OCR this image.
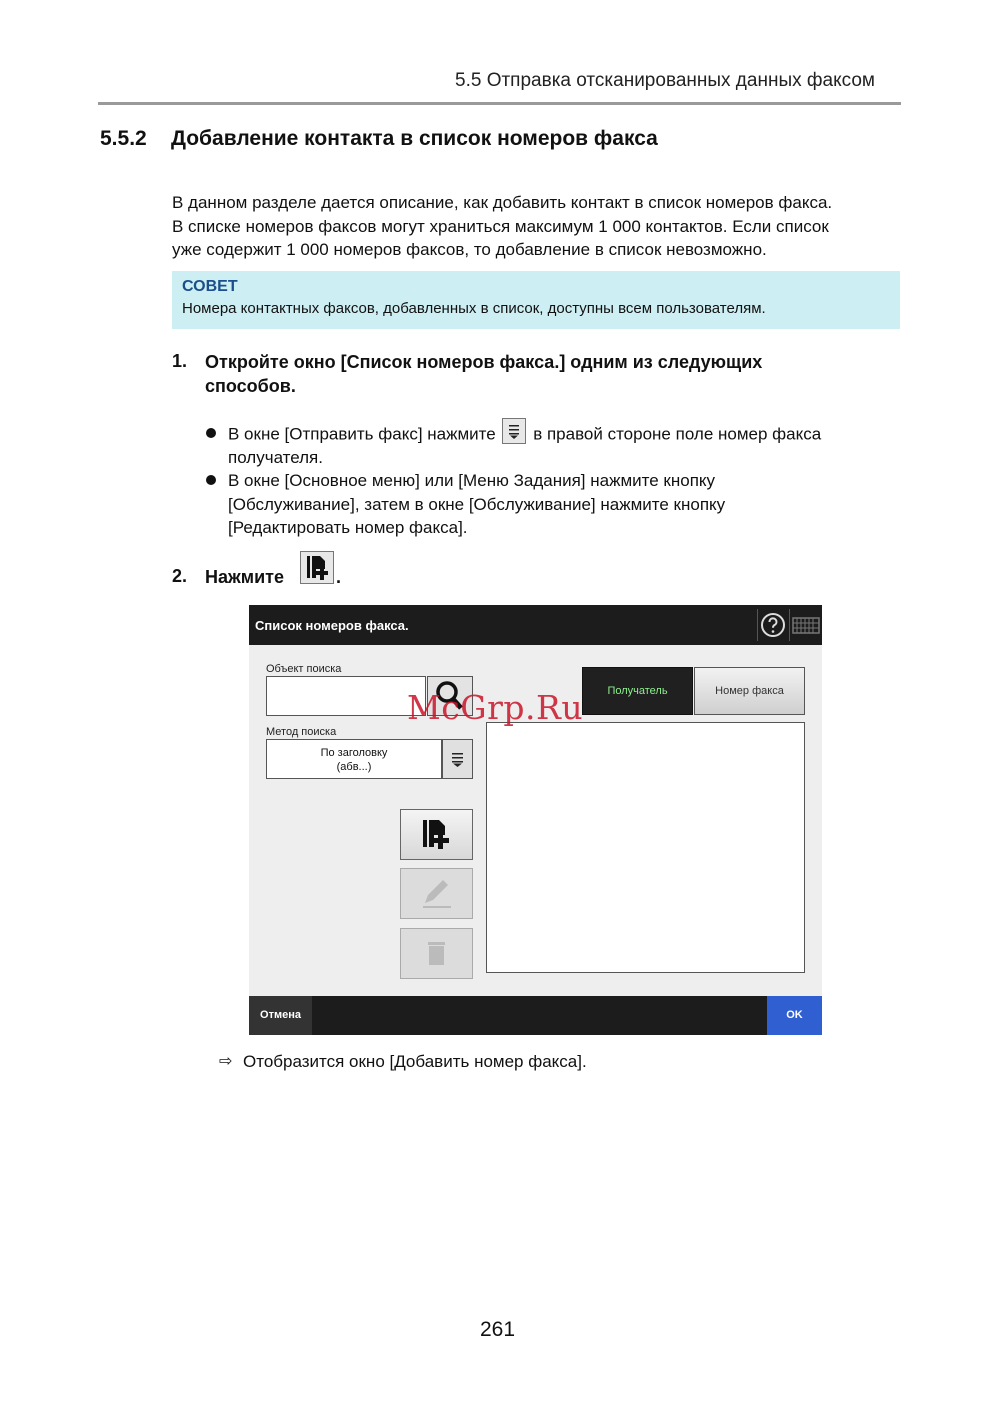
5.5 Отправка отсканированных данных факсом
5.5.2 Добавление контакта в список номеров факса
В данном разделе дается описание, как добавить контакт в список номеров факса.
В списке номеров факсов могут храниться максимум 1 000 контактов. Если список
уже содержит 1 000 номеров факсов, то добавление в список невозможно.
СОВЕТ
Номера контактных факсов, добавленных в список, доступны всем пользователям.
1. Откройте окно [Список номеров факса.] одним из следующих
способов.
В окне [Отправить факс] нажмите в правой стороне поле номер факса
получателя.
В окне [Основное меню] или [Меню Задания] нажмите кнопку
[Обслуживание], затем в окне [Обслуживание] нажмите кнопку
[Редактировать номер факса].
2. Нажмите	.
Список номеров факса.
Объект поиска
Метод поиска
По заголовку
(абв...)
Получатель	Номер факса
Отмена	OK
McGrp.Ru
⇨ Отобразится окно [Добавить номер факса].
261
